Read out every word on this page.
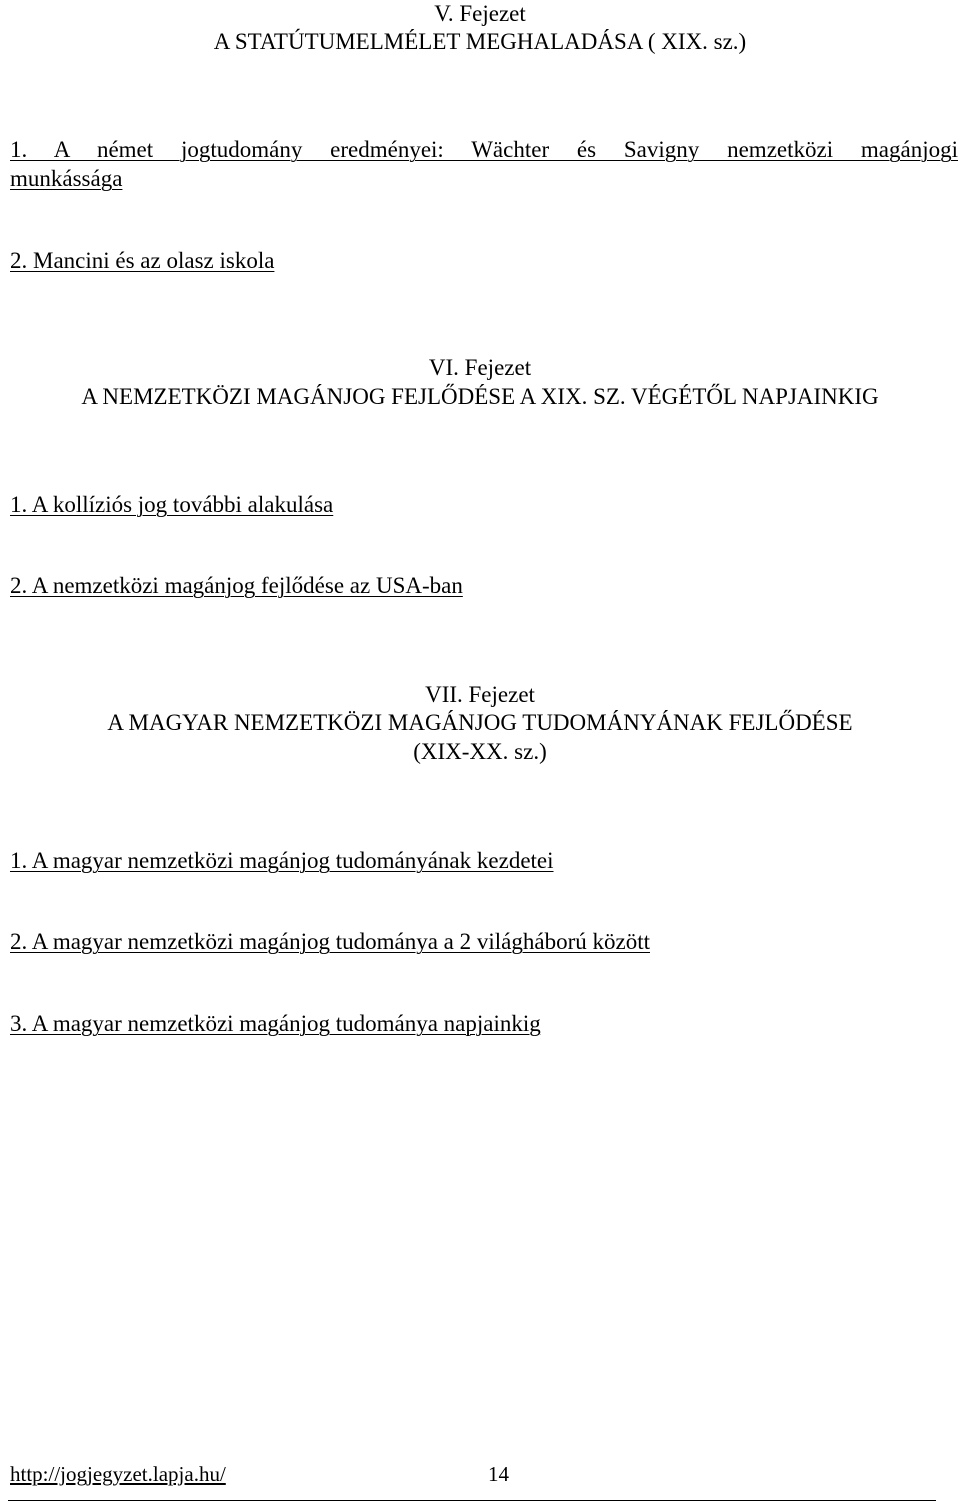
V. Fejezet
A STATÚTUMELMÉLET MEGHALADÁSA ( XIX. sz.)
1. A német jogtudomány eredményei: Wächter és Savigny nemzetközi magánjogi
munkássága
2. Mancini és az olasz iskola
VI. Fejezet
A NEMZETKÖZI MAGÁNJOG FEJLŐDÉSE A XIX. SZ. VÉGÉTŐL NAPJAINKIG
1. A kollíziós jog további alakulása
2. A nemzetközi magánjog fejlődése az USA-ban
VII. Fejezet
A MAGYAR NEMZETKÖZI MAGÁNJOG TUDOMÁNYÁNAK FEJLŐDÉSE
(XIX-XX. sz.)
1. A magyar nemzetközi magánjog tudományának kezdetei
2. A magyar nemzetközi magánjog tudománya a 2 világháború között
3. A magyar nemzetközi magánjog tudománya napjainkig
http://jogjegyzet.lapja.hu/	14
